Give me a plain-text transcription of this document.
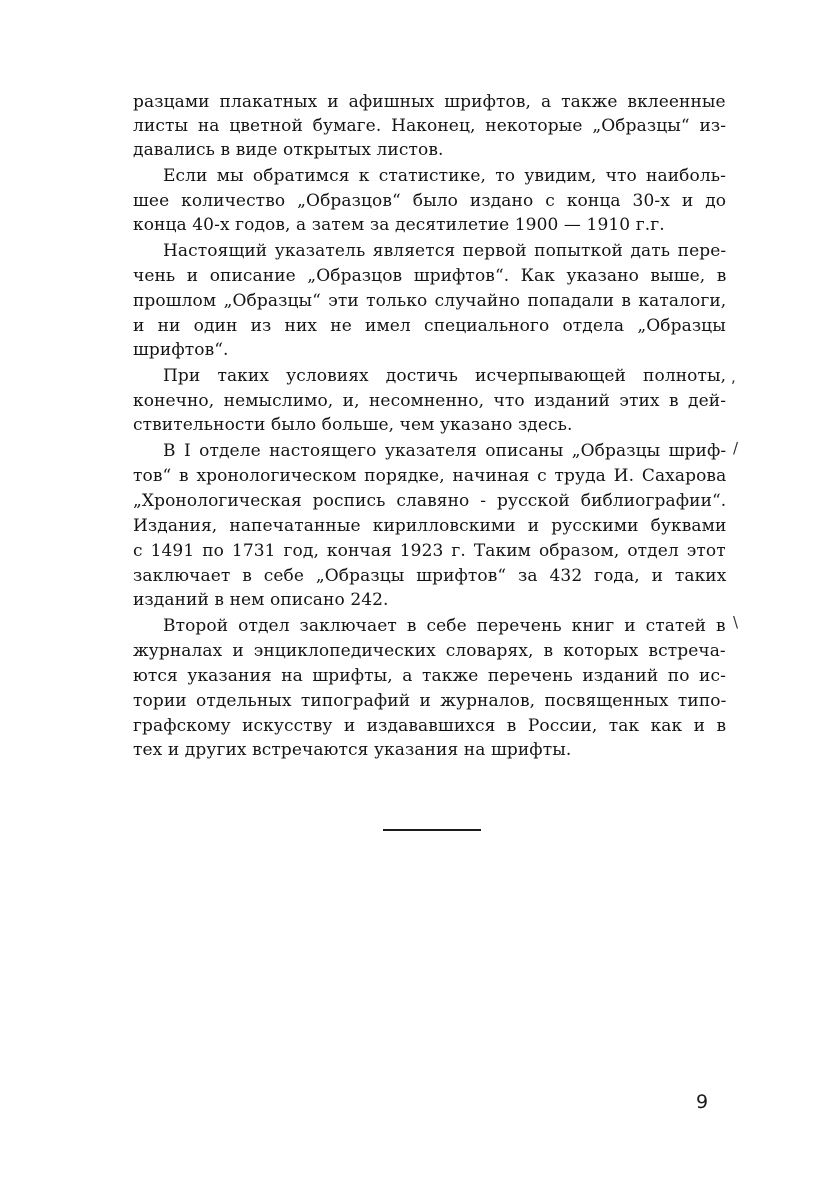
разцами плакатных и афишных шрифтов, а также вклеенные
листы на цветной бумаге. Наконец, некоторые „Образцы“ из-
давались в виде открытых листов.
Если мы обратимся к статистике, то увидим, что наиболь-
шее количество „Образцов“ было издано с конца 30-х и до
конца 40-х годов, а затем за десятилетие 1900 — 1910 г.г.
Настоящий указатель является первой попыткой дать пере-
чень и описание „Образцов шрифтов“. Как указано выше, в
прошлом „Образцы“ эти только случайно попадали в каталоги,
и ни один из них не имел специального отдела „Образцы
шрифтов“.
При таких условиях достичь исчерпывающей полноты,
конечно, немыслимо, и, несомненно, что изданий этих в дей-
ствительности было больше, чем указано здесь.
В I отделе настоящего указателя описаны „Образцы шриф-
тов“ в хронологическом порядке, начиная с труда И. Сахарова
„Хронологическая роспись славяно - русской библиографии“.
Издания, напечатанные кирилловскими и русскими буквами
с 1491 по 1731 год, кончая 1923 г. Таким образом, отдел этот
заключает в себе „Образцы шрифтов“ за 432 года, и таких
изданий в нем описано 242.
Второй отдел заключает в себе перечень книг и статей в
журналах и энциклопедических словарях, в которых встреча-
ются указания на шрифты, а также перечень изданий по ис-
тории отдельных типографий и журналов, посвященных типо-
графскому искусству и издававшихся в России, так как и в
тех и других встречаются указания на шрифты.
,
/
\
9
